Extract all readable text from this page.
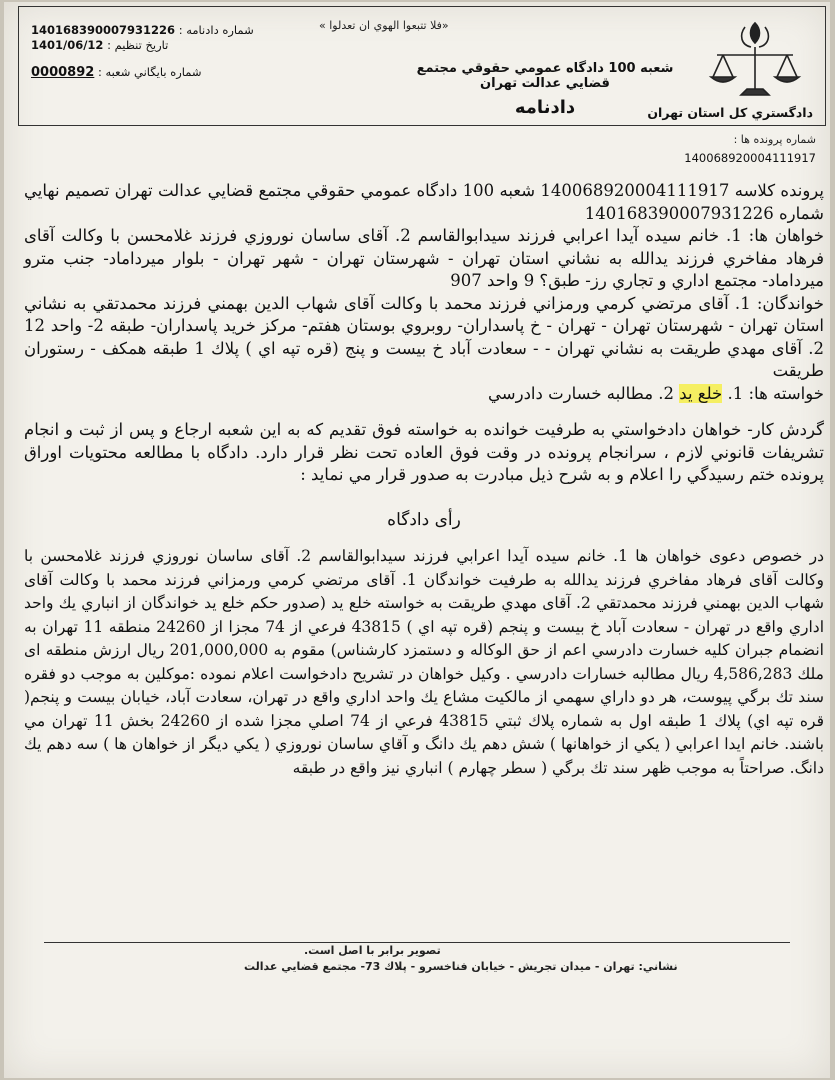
«فلا تتبعوا الهوي ان تعدلوا »
شعبه 100 دادگاه عمومي حقوقي مجتمع قضايي عدالت تهران
دادنامه	دادگستري كل استان تهران
شماره دادنامه : 140168390007931226
تاريخ تنظيم : 1401/06/12
شماره بايگاني شعبه : 0000892
شماره پرونده ها :
140068920004111917

پرونده كلاسه 140068920004111917 شعبه 100 دادگاه عمومي حقوقي مجتمع قضايي عدالت تهران تصميم نهايي شماره 140168390007931226

خواهان ها: 1. خانم سيده آيدا اعرابي فرزند سيدابوالقاسم 2. آقاى ساسان نوروزي فرزند غلامحسن با وكالت آقاى فرهاد مفاخري فرزند يدالله به نشاني استان تهران - شهرستان تهران - شهر تهران - بلوار ميرداماد- جنب مترو ميرداماد- مجتمع اداري و تجاري رز- طبق؟ 9 واحد 907

خواندگان: 1. آقاى مرتضي كرمي ورمزاني فرزند محمد با وكالت آقاى شهاب الدين بهمني فرزند محمدتقي به نشاني استان تهران - شهرستان تهران - تهران - خ پاسداران- روبروي بوستان هفتم- مركز خريد پاسداران- طبقه 2- واحد 12 2. آقاى مهدي طريقت به نشاني تهران - - سعادت آباد خ بيست و پنج (قره تپه اي ) پلاك 1 طبقه همكف - رستوران طريقت

خواسته ها: 1. خلع يد 2. مطالبه خسارت دادرسي

گردش كار- خواهان دادخواستي به طرفيت خوانده به خواسته فوق تقديم كه به اين شعبه ارجاع و پس از ثبت و انجام تشريفات قانوني لازم ، سرانجام پرونده در وقت فوق العاده تحت نظر قرار دارد. دادگاه با مطالعه محتويات اوراق پرونده ختم رسيدگي را اعلام و به شرح ذيل مبادرت به صدور قرار مي نمايد :

رأى دادگاه

در خصوص دعوى خواهان ها 1. خانم سيده آيدا اعرابي فرزند سيدابوالقاسم 2. آقاى ساسان نوروزي فرزند غلامحسن با وكالت آقاى فرهاد مفاخري فرزند يدالله به طرفيت خواندگان 1. آقاى مرتضي كرمي ورمزاني فرزند محمد با وكالت آقاى شهاب الدين بهمني فرزند محمدتقي 2. آقاى مهدي طريقت به خواسته خلع يد (صدور حكم خلع يد خواندگان از انباري يك واحد اداري واقع در تهران - سعادت آباد خ بيست و پنجم (قره تپه اي ) 43815 فرعي از 74 مجزا از 24260 منطقه 11 تهران به انضمام جبران كليه خسارت دادرسي اعم از حق الوكاله و دستمزد كارشناس) مقوم به 201,000,000 ريال ارزش منطقه اى ملك 4,586,283 ريال مطالبه خسارات دادرسي . وكيل خواهان در تشريح دادخواست اعلام نموده :موكلين به موجب دو فقره سند تك برگي پيوست، هر دو داراي سهمي از مالكيت مشاع يك واحد اداري واقع در تهران، سعادت آباد، خيابان بيست و پنجم( قره تپه اي) پلاك 1 طبقه اول به شماره پلاك ثبتي 43815 فرعي از 74 اصلي مجزا شده از 24260 بخش 11 تهران مي باشند. خانم ايدا اعرابي ( يكي از خواهانها ) شش دهم يك دانگ و آقاي ساسان نوروزي ( يكي ديگر از خواهان ها ) سه دهم يك دانگ. صراحتاً به موجب ظهر سند تك برگي ( سطر چهارم ) انباري نيز واقع در طبقه

تصوير برابر با اصل است.
نشاني: تهران - ميدان تجريش - خيابان فناخسرو - پلاك 73- مجتمع قضايي عدالت
